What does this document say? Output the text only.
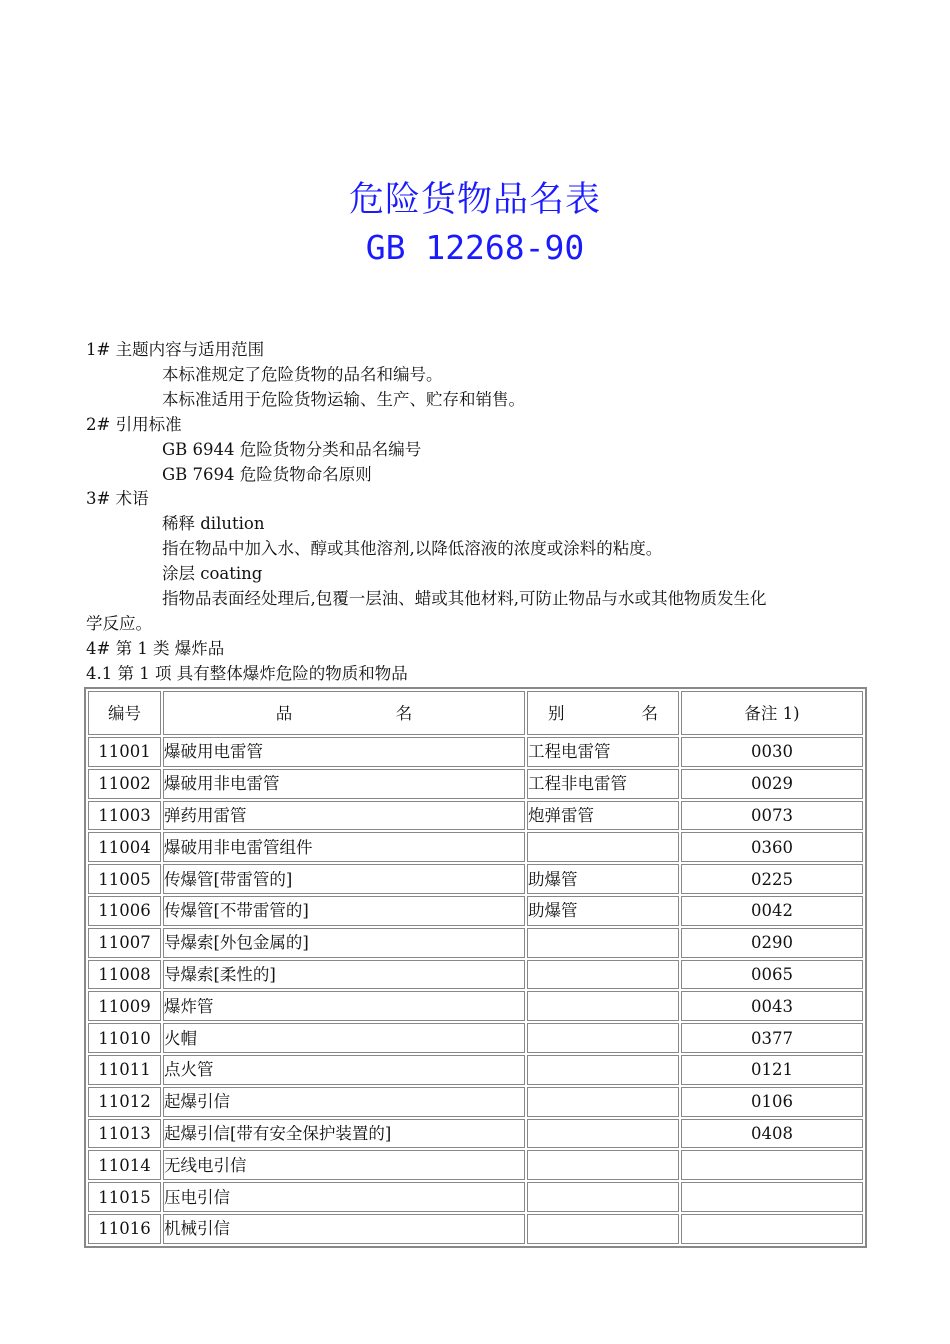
危险货物品名表
GB 12268-90
1# 主题内容与适用范围
本标准规定了危险货物的品名和编号。
本标准适用于危险货物运输、生产、贮存和销售。
2# 引用标准
GB 6944 危险货物分类和品名编号
GB 7694 危险货物命名原则
3# 术语
稀释 dilution
指在物品中加入水、醇或其他溶剂,以降低溶液的浓度或涂料的粘度。
涂层 coating
指物品表面经处理后,包覆一层油、蜡或其他材料,可防止物品与水或其他物质发生化
学反应。
4# 第 1 类 爆炸品
4.1 第 1 项 具有整体爆炸危险的物质和物品
编号	品 名	别 名	备注 1)
11001	爆破用电雷管	工程电雷管	0030
11002	爆破用非电雷管	工程非电雷管	0029
11003	弹药用雷管	炮弹雷管	0073
11004	爆破用非电雷管组件		0360
11005	传爆管[带雷管的]	助爆管	0225
11006	传爆管[不带雷管的]	助爆管	0042
11007	导爆索[外包金属的]		0290
11008	导爆索[柔性的]		0065
11009	爆炸管		0043
11010	火帽		0377
11011	点火管		0121
11012	起爆引信		0106
11013	起爆引信[带有安全保护装置的]		0408
11014	无线电引信		
11015	压电引信		
11016	机械引信		
